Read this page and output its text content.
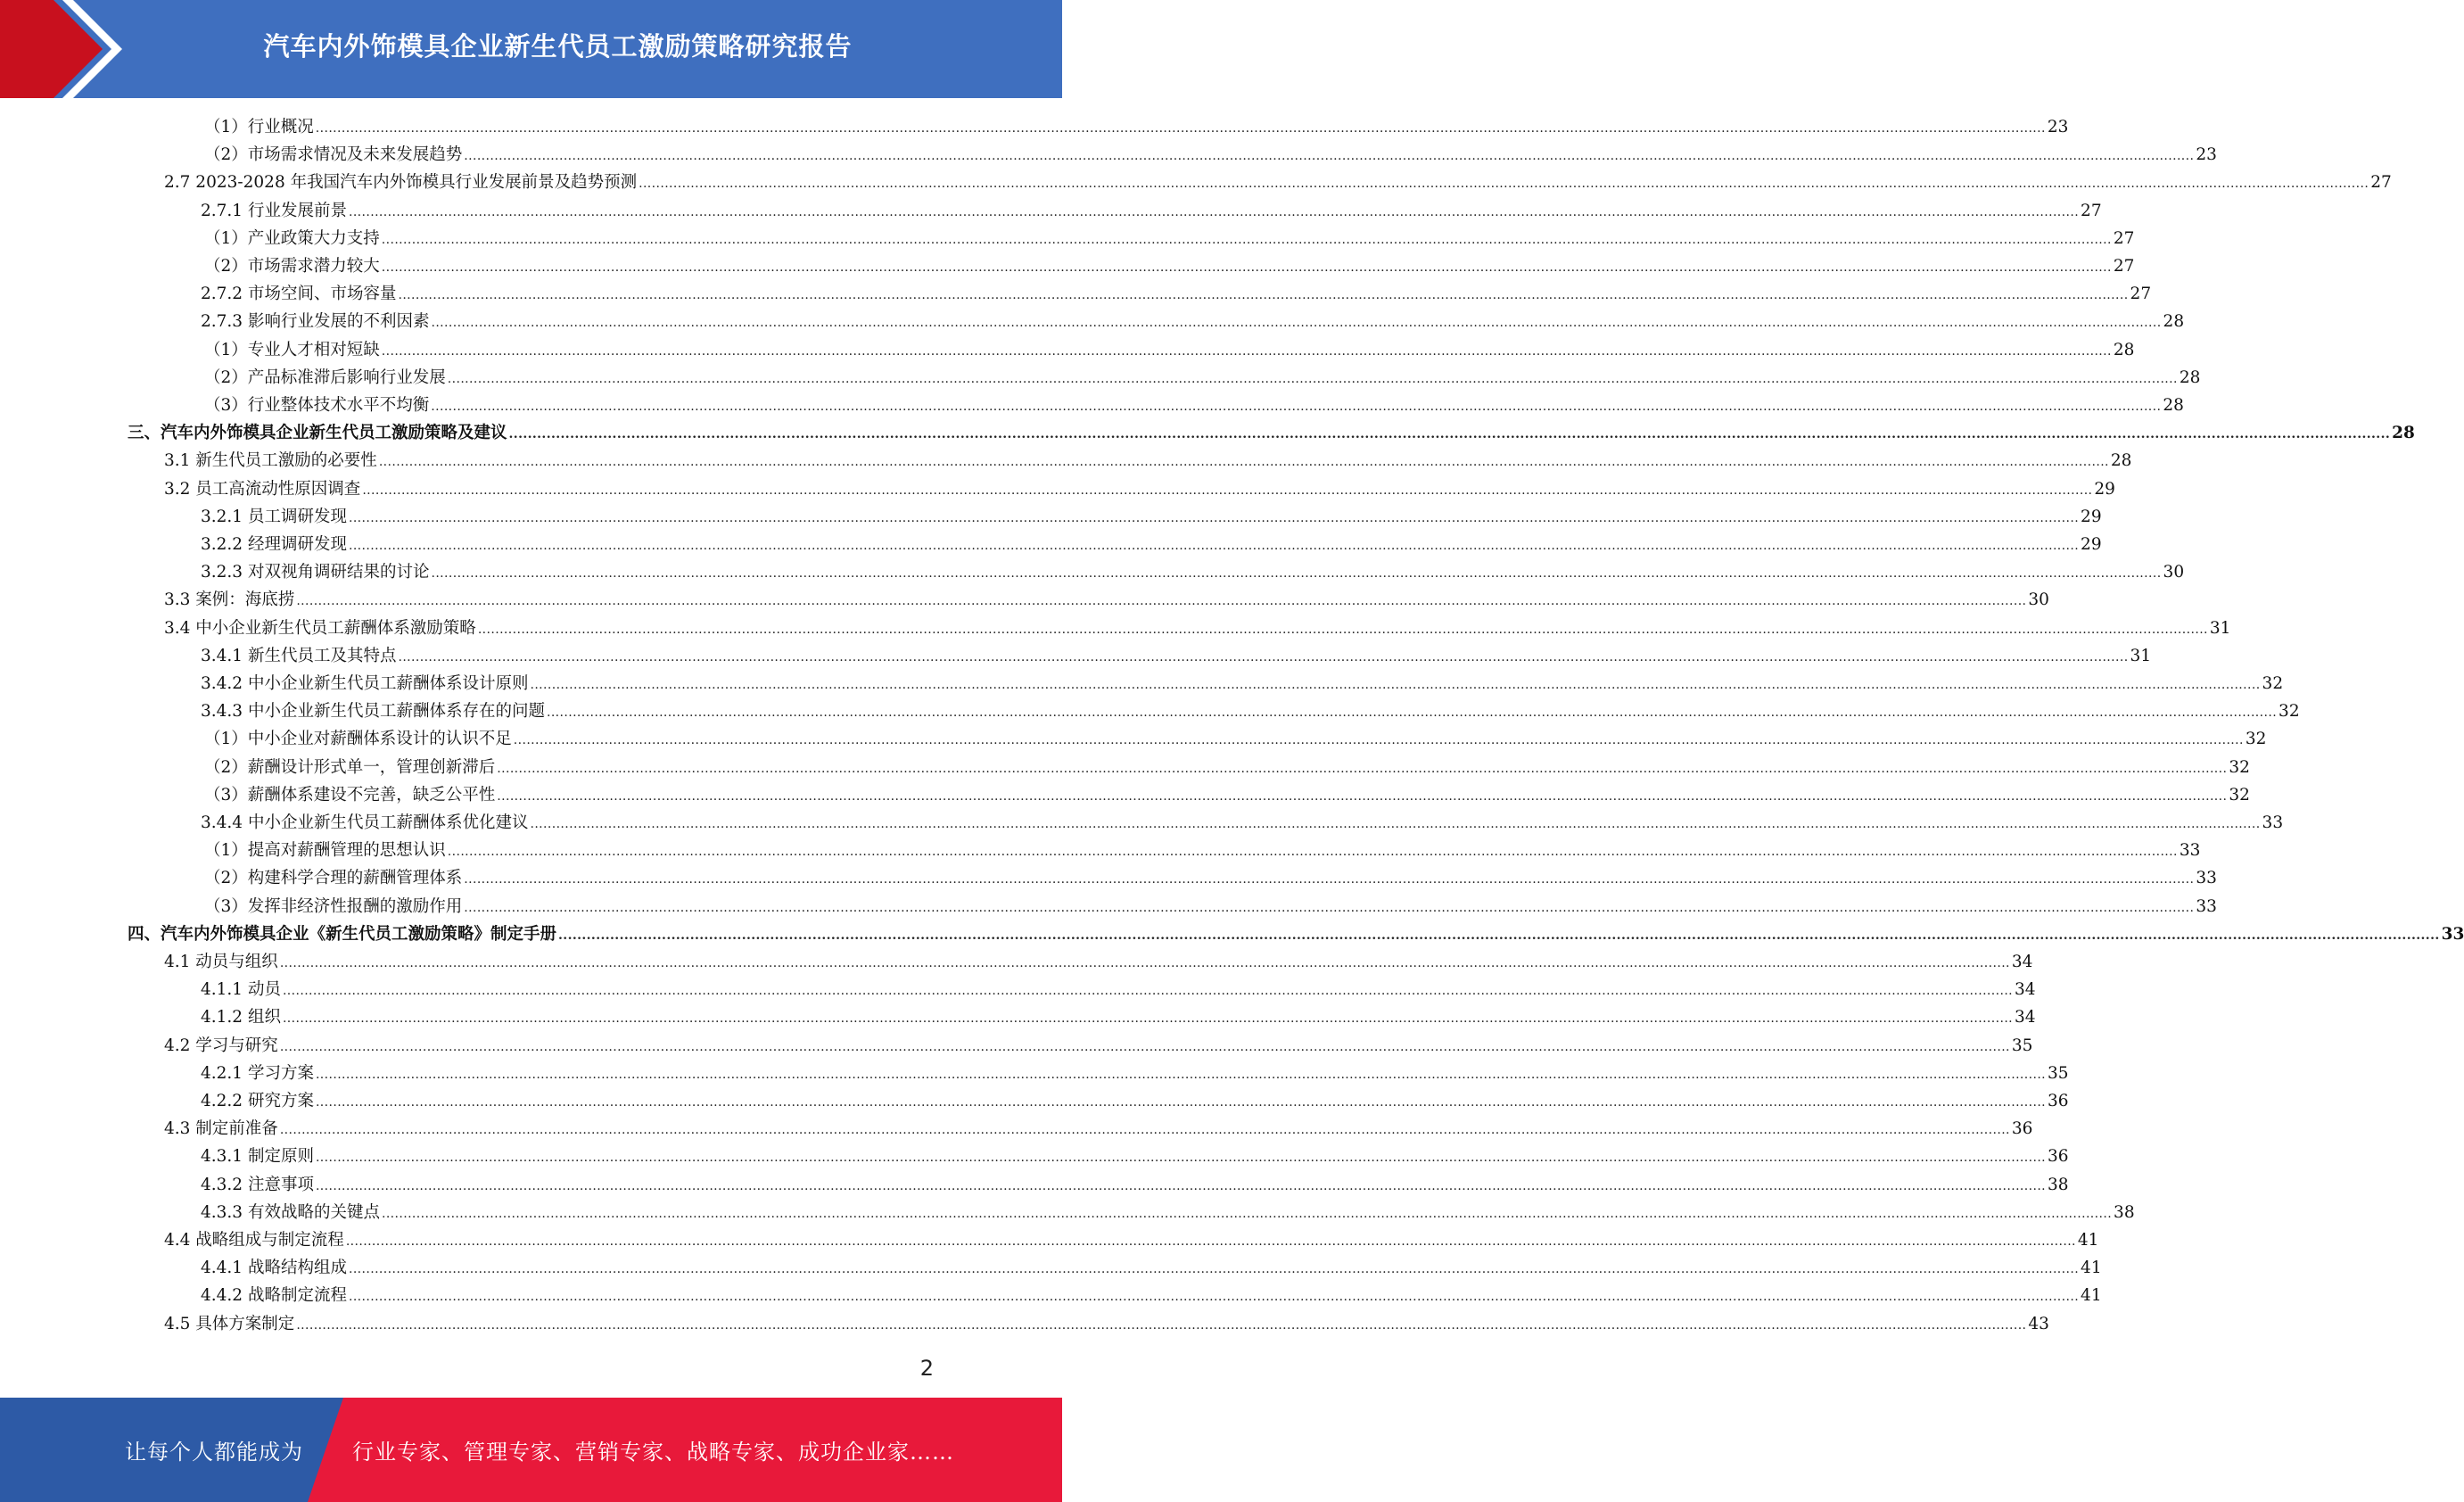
汽车内外饰模具企业新生代员工激励策略研究报告
（1）行业概况 ................................................................................................................................................................................................................................................................................................................................................................................................................ 23
（2）市场需求情况及未来发展趋势 ................................................................................................................................................................................................................................................................................................................................................................................................................ 23
2.7 2023-2028 年我国汽车内外饰模具行业发展前景及趋势预测 ................................................................................................................................................................................................................................................................................................................................................................................................................ 27
2.7.1 行业发展前景 ................................................................................................................................................................................................................................................................................................................................................................................................................ 27
（1）产业政策大力支持 ................................................................................................................................................................................................................................................................................................................................................................................................................ 27
（2）市场需求潜力较大 ................................................................................................................................................................................................................................................................................................................................................................................................................ 27
2.7.2 市场空间、市场容量 ................................................................................................................................................................................................................................................................................................................................................................................................................ 27
2.7.3 影响行业发展的不利因素 ................................................................................................................................................................................................................................................................................................................................................................................................................ 28
（1）专业人才相对短缺 ................................................................................................................................................................................................................................................................................................................................................................................................................ 28
（2）产品标准滞后影响行业发展 ................................................................................................................................................................................................................................................................................................................................................................................................................ 28
（3）行业整体技术水平不均衡 ................................................................................................................................................................................................................................................................................................................................................................................................................ 28
三、汽车内外饰模具企业新生代员工激励策略及建议 ................................................................................................................................................................................................................................................................................................................................................................................................................ 28
3.1 新生代员工激励的必要性 ................................................................................................................................................................................................................................................................................................................................................................................................................ 28
3.2 员工高流动性原因调查 ................................................................................................................................................................................................................................................................................................................................................................................................................ 29
3.2.1 员工调研发现 ................................................................................................................................................................................................................................................................................................................................................................................................................ 29
3.2.2 经理调研发现 ................................................................................................................................................................................................................................................................................................................................................................................................................ 29
3.2.3 对双视角调研结果的讨论 ................................................................................................................................................................................................................................................................................................................................................................................................................ 30
3.3 案例：海底捞 ................................................................................................................................................................................................................................................................................................................................................................................................................ 30
3.4 中小企业新生代员工薪酬体系激励策略 ................................................................................................................................................................................................................................................................................................................................................................................................................ 31
3.4.1 新生代员工及其特点 ................................................................................................................................................................................................................................................................................................................................................................................................................ 31
3.4.2 中小企业新生代员工薪酬体系设计原则 ................................................................................................................................................................................................................................................................................................................................................................................................................ 32
3.4.3 中小企业新生代员工薪酬体系存在的问题 ................................................................................................................................................................................................................................................................................................................................................................................................................ 32
（1）中小企业对薪酬体系设计的认识不足 ................................................................................................................................................................................................................................................................................................................................................................................................................ 32
（2）薪酬设计形式单一，管理创新滞后 ................................................................................................................................................................................................................................................................................................................................................................................................................ 32
（3）薪酬体系建设不完善，缺乏公平性 ................................................................................................................................................................................................................................................................................................................................................................................................................ 32
3.4.4 中小企业新生代员工薪酬体系优化建议 ................................................................................................................................................................................................................................................................................................................................................................................................................ 33
（1）提高对薪酬管理的思想认识 ................................................................................................................................................................................................................................................................................................................................................................................................................ 33
（2）构建科学合理的薪酬管理体系 ................................................................................................................................................................................................................................................................................................................................................................................................................ 33
（3）发挥非经济性报酬的激励作用 ................................................................................................................................................................................................................................................................................................................................................................................................................ 33
四、汽车内外饰模具企业《新生代员工激励策略》制定手册 ................................................................................................................................................................................................................................................................................................................................................................................................................ 33
4.1 动员与组织 ................................................................................................................................................................................................................................................................................................................................................................................................................ 34
4.1.1 动员 ................................................................................................................................................................................................................................................................................................................................................................................................................ 34
4.1.2 组织 ................................................................................................................................................................................................................................................................................................................................................................................................................ 34
4.2 学习与研究 ................................................................................................................................................................................................................................................................................................................................................................................................................ 35
4.2.1 学习方案 ................................................................................................................................................................................................................................................................................................................................................................................................................ 35
4.2.2 研究方案 ................................................................................................................................................................................................................................................................................................................................................................................................................ 36
4.3 制定前准备 ................................................................................................................................................................................................................................................................................................................................................................................................................ 36
4.3.1 制定原则 ................................................................................................................................................................................................................................................................................................................................................................................................................ 36
4.3.2 注意事项 ................................................................................................................................................................................................................................................................................................................................................................................................................ 38
4.3.3 有效战略的关键点 ................................................................................................................................................................................................................................................................................................................................................................................................................ 38
4.4 战略组成与制定流程 ................................................................................................................................................................................................................................................................................................................................................................................................................ 41
4.4.1 战略结构组成 ................................................................................................................................................................................................................................................................................................................................................................................................................ 41
4.4.2 战略制定流程 ................................................................................................................................................................................................................................................................................................................................................................................................................ 41
4.5 具体方案制定 ................................................................................................................................................................................................................................................................................................................................................................................................................ 43
2
让每个人都能成为 行业专家、管理专家、营销专家、战略专家、成功企业家……
